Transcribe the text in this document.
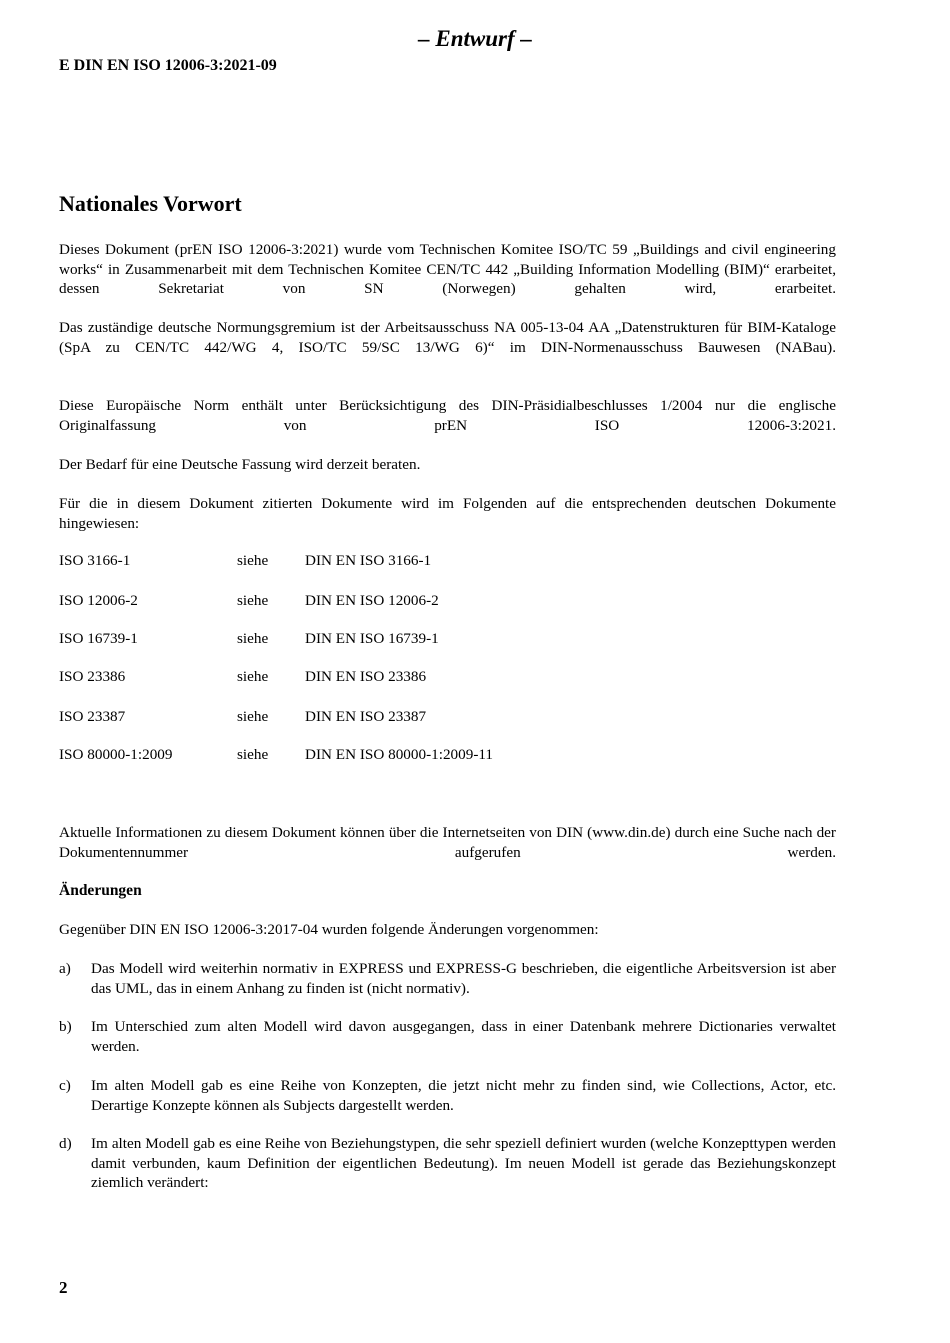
– Entwurf –
E DIN EN ISO 12006-3:2021-09
Nationales Vorwort
Dieses Dokument (prEN ISO 12006-3:2021) wurde vom Technischen Komitee ISO/TC 59 „Buildings and civil engineering works“ in Zusammenarbeit mit dem Technischen Komitee CEN/TC 442 „Building Information Modelling (BIM)“ erarbeitet, dessen Sekretariat von SN (Norwegen) gehalten wird, erarbeitet.
Das zuständige deutsche Normungsgremium ist der Arbeitsausschuss NA 005-13-04 AA „Datenstrukturen für BIM-Kataloge (SpA zu CEN/TC 442/WG 4, ISO/TC 59/SC 13/WG 6)“ im DIN-Normenausschuss Bauwesen (NABau).
Diese Europäische Norm enthält unter Berücksichtigung des DIN-Präsidialbeschlusses 1/2004 nur die englische Originalfassung von prEN ISO 12006-3:2021.
Der Bedarf für eine Deutsche Fassung wird derzeit beraten.
Für die in diesem Dokument zitierten Dokumente wird im Folgenden auf die entsprechenden deutschen Dokumente hingewiesen:
ISO 3166-1	siehe DIN EN ISO 3166-1
ISO 12006-2	siehe DIN EN ISO 12006-2
ISO 16739-1	siehe DIN EN ISO 16739-1
ISO 23386	siehe DIN EN ISO 23386
ISO 23387	siehe DIN EN ISO 23387
ISO 80000-1:2009	siehe DIN EN ISO 80000-1:2009-11
Aktuelle Informationen zu diesem Dokument können über die Internetseiten von DIN (www.din.de) durch eine Suche nach der Dokumentennummer aufgerufen werden.
Änderungen
Gegenüber DIN EN ISO 12006-3:2017-04 wurden folgende Änderungen vorgenommen:
a) Das Modell wird weiterhin normativ in EXPRESS und EXPRESS-G beschrieben, die eigentliche Arbeitsversion ist aber das UML, das in einem Anhang zu finden ist (nicht normativ).
b) Im Unterschied zum alten Modell wird davon ausgegangen, dass in einer Datenbank mehrere Dictionaries verwaltet werden.
c) Im alten Modell gab es eine Reihe von Konzepten, die jetzt nicht mehr zu finden sind, wie Collections, Actor, etc. Derartige Konzepte können als Subjects dargestellt werden.
d) Im alten Modell gab es eine Reihe von Beziehungstypen, die sehr speziell definiert wurden (welche Konzepttypen werden damit verbunden, kaum Definition der eigentlichen Bedeutung). Im neuen Modell ist gerade das Beziehungskonzept ziemlich verändert:
2
